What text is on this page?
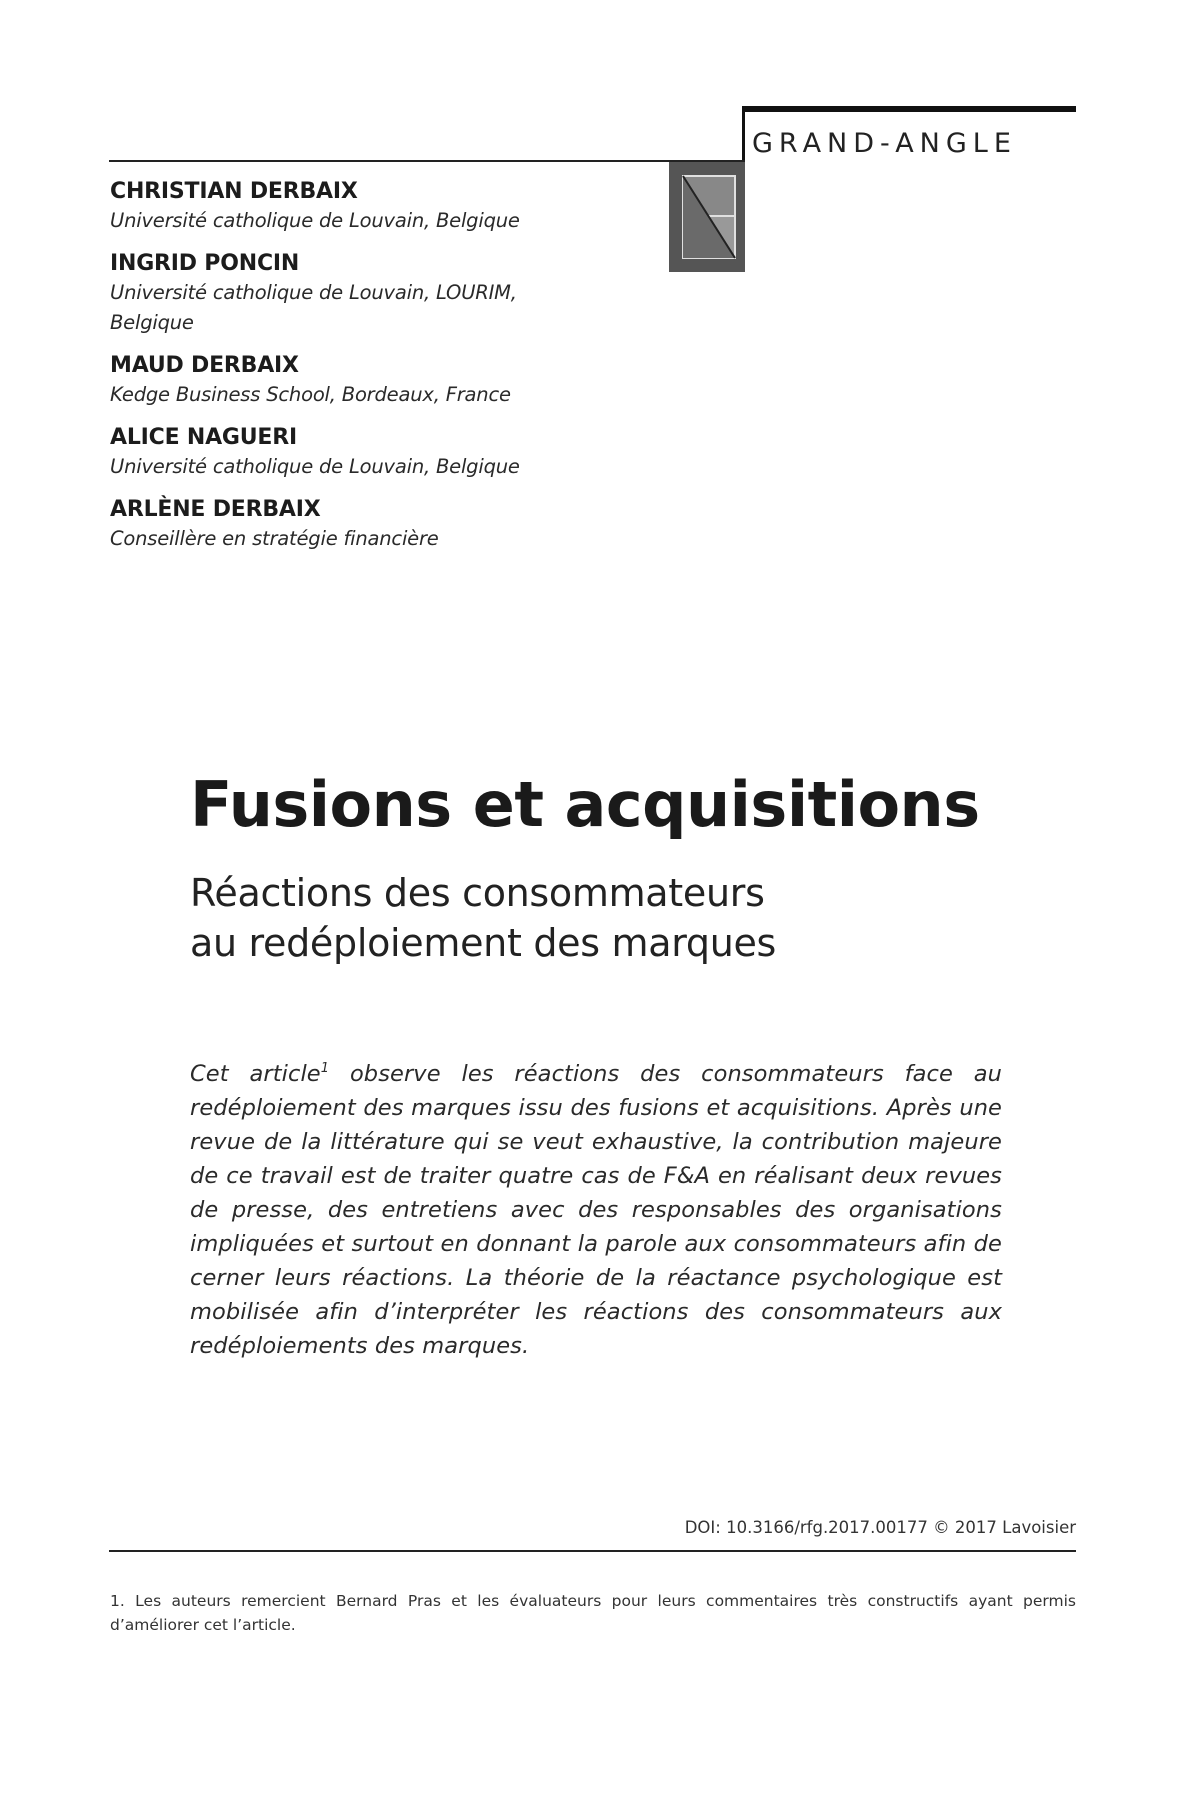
GRAND-ANGLE
CHRISTIAN DERBAIX
Université catholique de Louvain, Belgique
INGRID PONCIN
Université catholique de Louvain, LOURIM, Belgique
MAUD DERBAIX
Kedge Business School, Bordeaux, France
ALICE NAGUERI
Université catholique de Louvain, Belgique
ARLÈNE DERBAIX
Conseillère en stratégie financière
Fusions et acquisitions
Réactions des consommateurs
au redéploiement des marques

Cet article$^1$ observe les réactions des consommateurs face au redéploiement des marques issu des fusions et acquisitions. Après une revue de la littérature qui se veut exhaustive, la contribution majeure de ce travail est de traiter quatre cas de F&A en réalisant deux revues de presse, des entretiens avec des responsables des organisations impliquées et surtout en donnant la parole aux consommateurs afin de cerner leurs réactions. La théorie de la réactance psychologique est mobilisée afin d’interpréter les réactions des consommateurs aux redéploiements des marques.

DOI: 10.3166/rfg.2017.00177 © 2017 Lavoisier

1. Les auteurs remercient Bernard Pras et les évaluateurs pour leurs commentaires très constructifs ayant permis d’améliorer cet l’article.
